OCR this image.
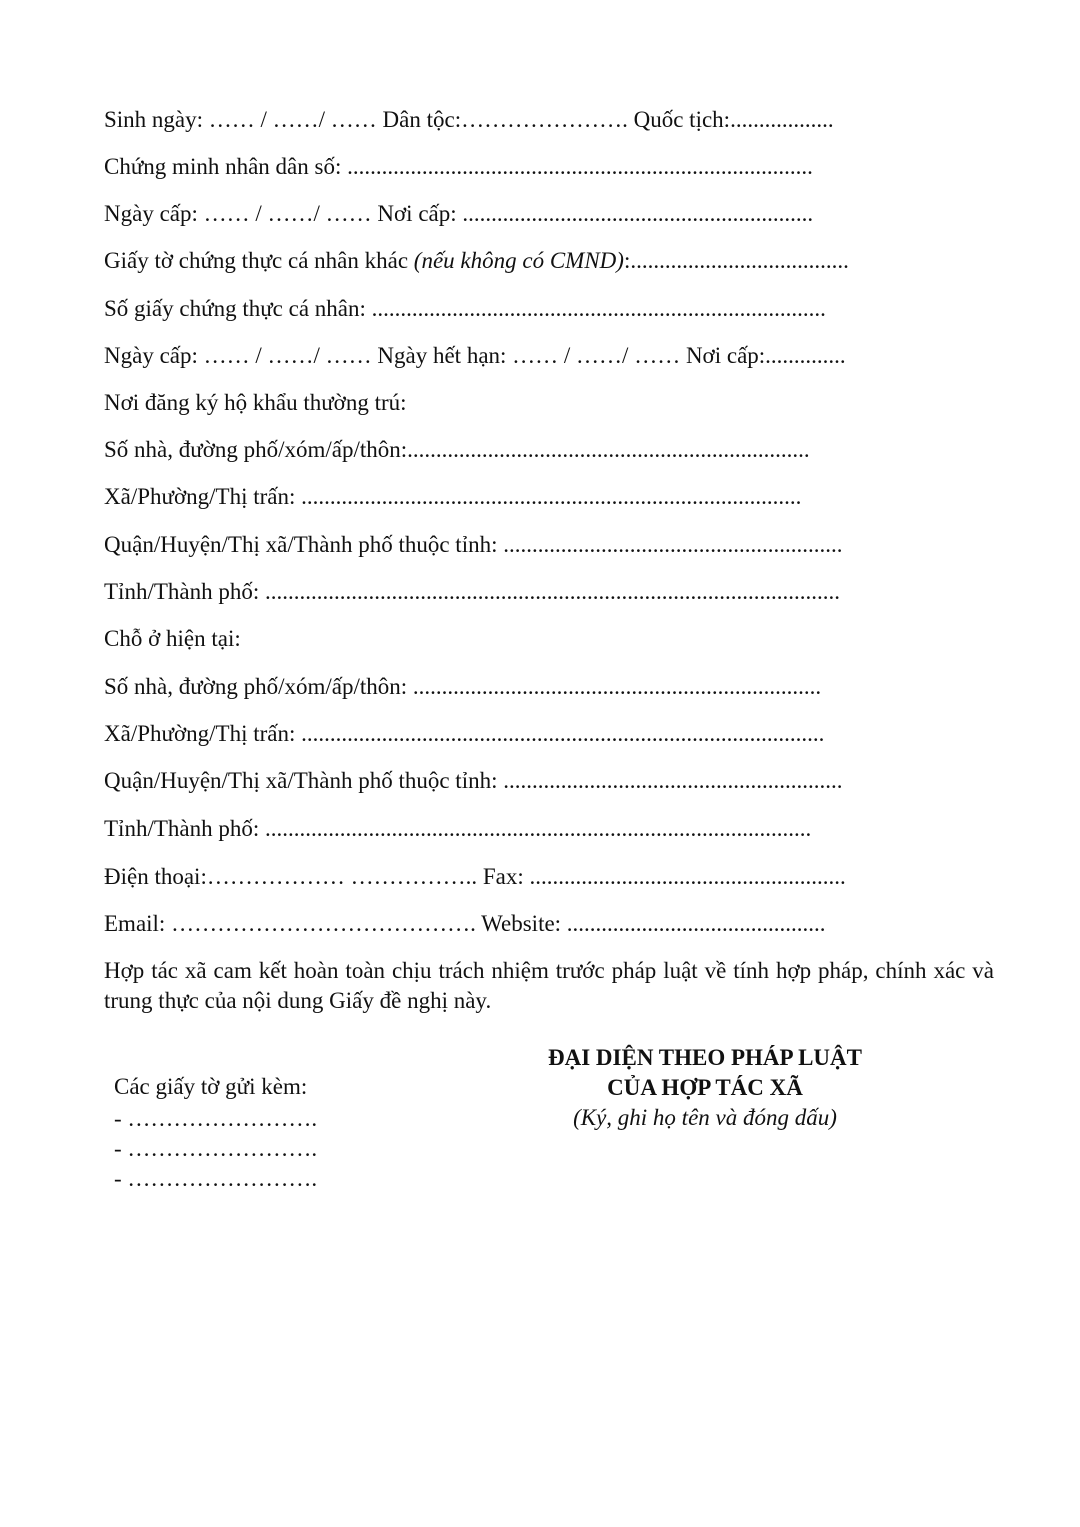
Sinh ngày: …… / ……/ …… Dân tộc:…………………. Quốc tịch:..................
Chứng minh nhân dân số: .................................................................................
Ngày cấp: …… / ……/ …… Nơi cấp: .............................................................
Giấy tờ chứng thực cá nhân khác (nếu không có CMND):......................................
Số giấy chứng thực cá nhân: ...............................................................................
Ngày cấp: …… / ……/ …… Ngày hết hạn: …… / ……/ …… Nơi cấp:..............
Nơi đăng ký hộ khẩu thường trú:
Số nhà, đường phố/xóm/ấp/thôn:......................................................................
Xã/Phường/Thị trấn: .......................................................................................
Quận/Huyện/Thị xã/Thành phố thuộc tỉnh: ...........................................................
Tỉnh/Thành phố: ....................................................................................................
Chỗ ở hiện tại:
Số nhà, đường phố/xóm/ấp/thôn: .......................................................................
Xã/Phường/Thị trấn: ...........................................................................................
Quận/Huyện/Thị xã/Thành phố thuộc tỉnh: ...........................................................
Tỉnh/Thành phố: ...............................................................................................
Điện thoại:……………… …………….. Fax: .......................................................
Email: …………………………………. Website: .............................................
Hợp tác xã cam kết hoàn toàn chịu trách nhiệm trước pháp luật về tính hợp pháp, chính xác và trung thực của nội dung Giấy đề nghị này.
Các giấy tờ gửi kèm:
- …………………….
- …………………….
- …………………….
ĐẠI DIỆN THEO PHÁP LUẬT
CỦA HỢP TÁC XÃ
(Ký, ghi họ tên và đóng dấu)
